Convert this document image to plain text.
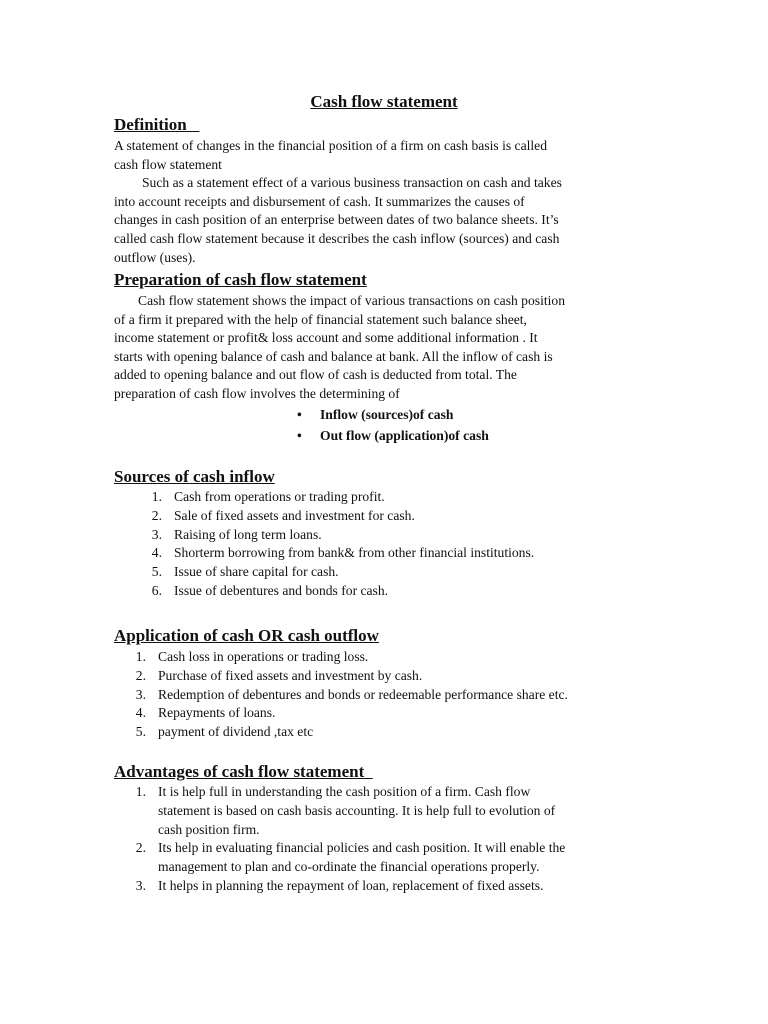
Cash flow statement
Definition
A statement of changes in the financial position of a firm on cash basis is called
cash flow statement
Such as a statement effect of a various business transaction on cash and takes
into account receipts and disbursement of cash. It summarizes the causes of
changes in cash position of an enterprise between dates of two balance sheets. It’s
called cash flow statement because it describes the cash inflow (sources) and cash
outflow (uses).
Preparation of cash flow statement
Cash flow statement shows the impact of various transactions on cash position
of a firm it prepared with the help of financial statement such balance sheet,
income statement or profit& loss account and some additional information . It
starts with opening balance of cash and balance at bank. All the inflow of cash is
added to opening balance and out flow of cash is deducted from total. The
preparation of cash flow involves the determining of
• Inflow (sources)of cash
• Out flow (application)of cash
Sources of cash inflow
1. Cash from operations or trading profit.
2. Sale of fixed assets and investment for cash.
3. Raising of long term loans.
4. Shorterm borrowing from bank& from other financial institutions.
5. Issue of share capital for cash.
6. Issue of debentures and bonds for cash.
Application of cash OR cash outflow
1. Cash loss in operations or trading loss.
2. Purchase of fixed assets and investment by cash.
3. Redemption of debentures and bonds or redeemable performance share etc.
4. Repayments of loans.
5. payment of dividend ,tax etc
Advantages of cash flow statement
1. It is help full in understanding the cash position of a firm. Cash flow
statement is based on cash basis accounting. It is help full to evolution of
cash position firm.
2. Its help in evaluating financial policies and cash position. It will enable the
management to plan and co-ordinate the financial operations properly.
3. It helps in planning the repayment of loan, replacement of fixed assets.
